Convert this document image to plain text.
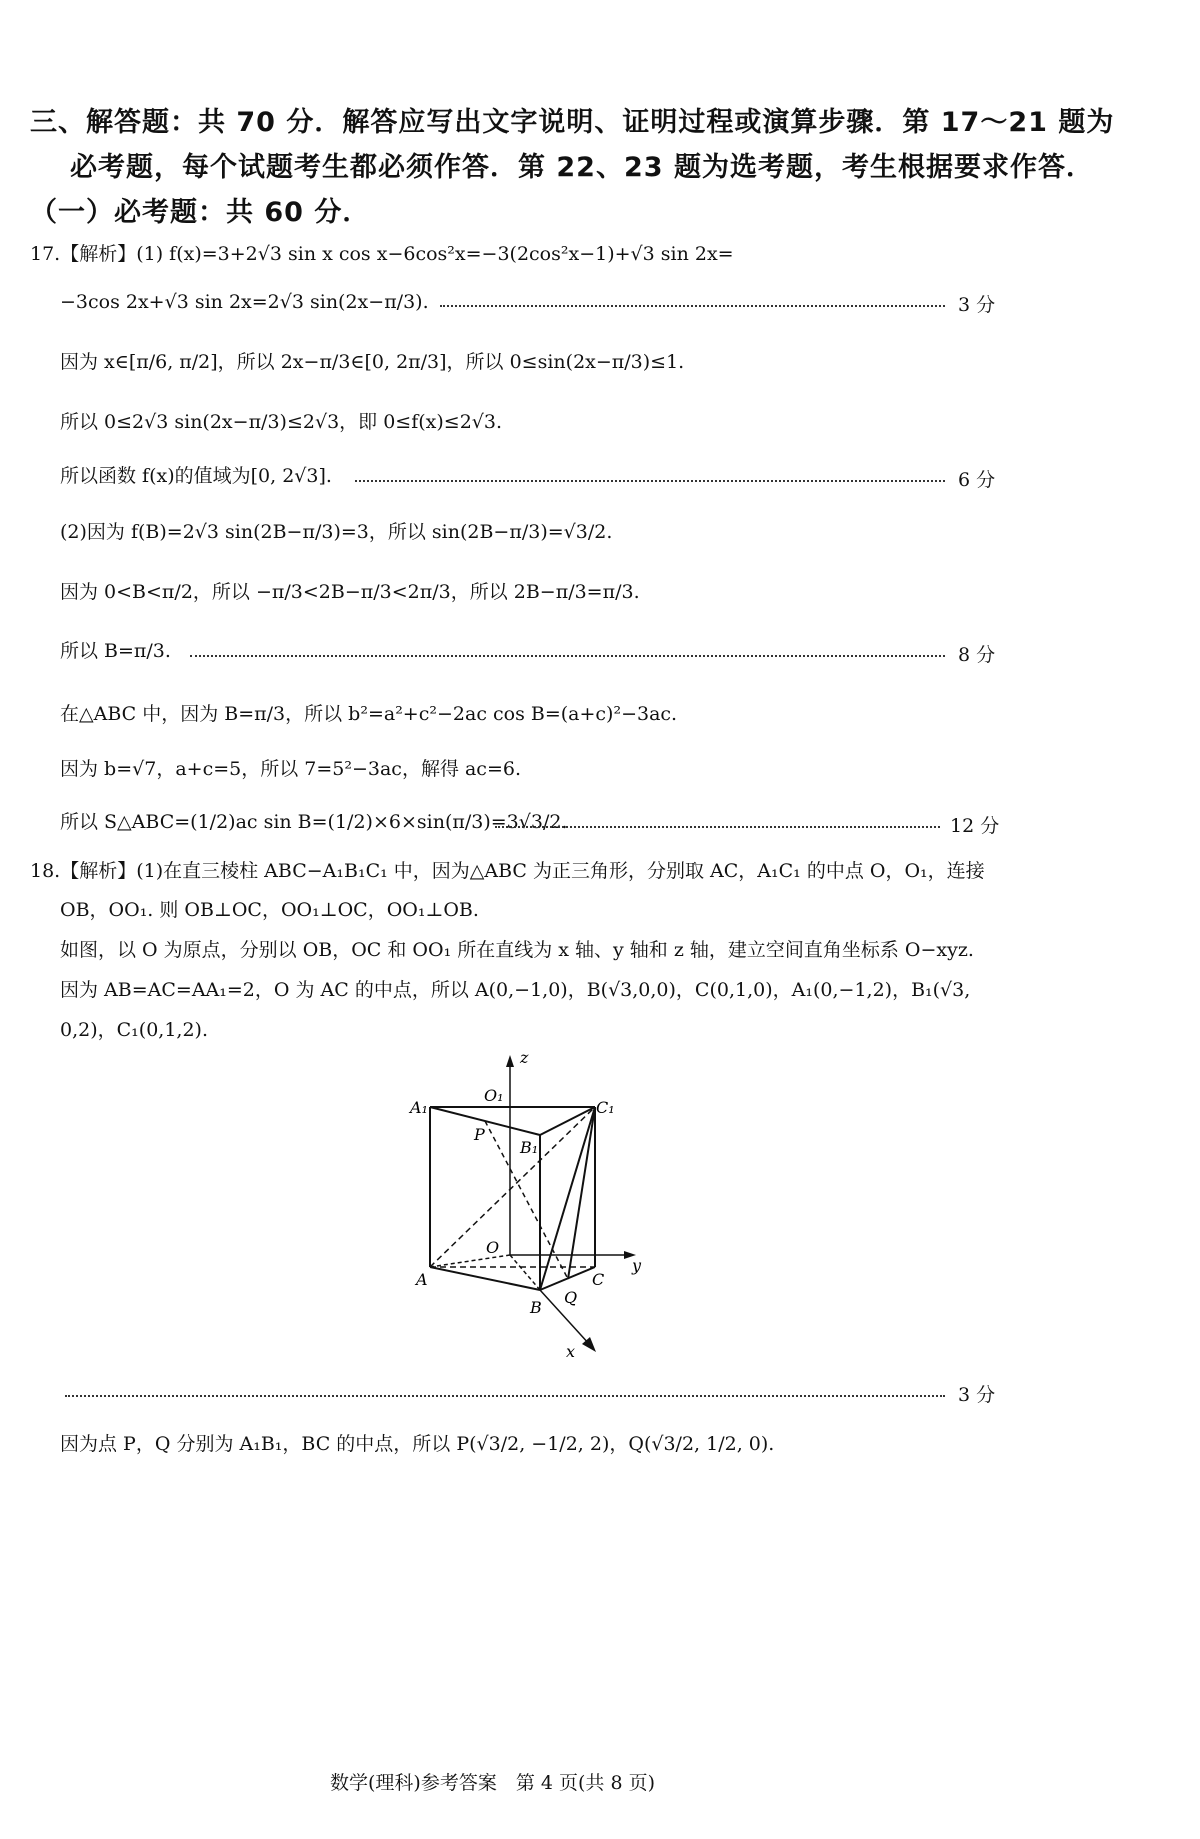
三、解答题：共 70 分．解答应写出文字说明、证明过程或演算步骤．第 17～21 题为
必考题，每个试题考生都必须作答．第 22、23 题为选考题，考生根据要求作答．
（一）必考题：共 60 分．
17.【解析】(1) f(x)=3+2√3 sin x cos x−6cos²x=−3(2cos²x−1)+√3 sin 2x=
−3cos 2x+√3 sin 2x=2√3 sin(2x−π/3).	3 分
因为 x∈[π/6, π/2]，所以 2x−π/3∈[0, 2π/3]，所以 0≤sin(2x−π/3)≤1.
所以 0≤2√3 sin(2x−π/3)≤2√3，即 0≤f(x)≤2√3.
所以函数 f(x)的值域为[0, 2√3].	6 分
(2)因为 f(B)=2√3 sin(2B−π/3)=3，所以 sin(2B−π/3)=√3/2.
因为 0<B<π/2，所以 −π/3<2B−π/3<2π/3，所以 2B−π/3=π/3.
所以 B=π/3.	8 分
在△ABC 中，因为 B=π/3，所以 b²=a²+c²−2ac cos B=(a+c)²−3ac.
因为 b=√7，a+c=5，所以 7=5²−3ac，解得 ac=6.
所以 S△ABC=(1/2)ac sin B=(1/2)×6×sin(π/3)=3√3/2.	12 分
18.【解析】(1)在直三棱柱 ABC−A₁B₁C₁ 中，因为△ABC 为正三角形，分别取 AC，A₁C₁ 的中点 O，O₁，连接
OB，OO₁. 则 OB⊥OC，OO₁⊥OC，OO₁⊥OB.
如图，以 O 为原点，分别以 OB，OC 和 OO₁ 所在直线为 x 轴、y 轴和 z 轴，建立空间直角坐标系 O−xyz.
因为 AB=AC=AA₁=2，O 为 AC 的中点，所以 A(0,−1,0)，B(√3,0,0)，C(0,1,0)，A₁(0,−1,2)，B₁(√3,
0,2)，C₁(0,1,2).
z
y
x
A₁
O₁
C₁
P
B₁
O
A	C
Q
B
3 分
因为点 P，Q 分别为 A₁B₁，BC 的中点，所以 P(√3/2, −1/2, 2)，Q(√3/2, 1/2, 0).
数学(理科)参考答案　第 4 页(共 8 页)
